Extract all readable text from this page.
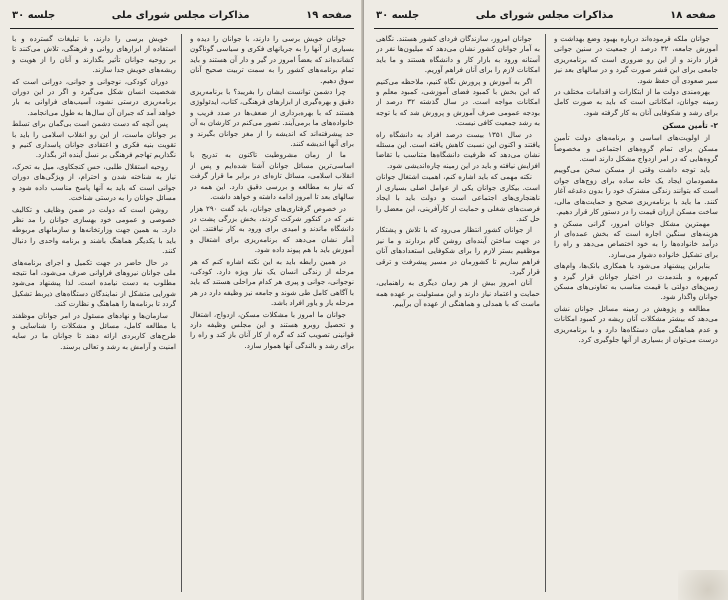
صفحه ۱۹
مذاکرات مجلس شورای ملی
جلسه ۳۰

جوانان خویش برسی را دارند، با جوانان را دیده و بسیاری از آنها را به جریانهای فکری و سیاسی گوناگون کشانده‌اند که بعضاً امروز در گیر و دار آن هستند و باید تمام برنامه‌های کشور را به سمت تربیت صحیح آنان سوق دهیم.

چرا دشمن توانست ایشان را بفریبد؟ با برنامه‌ریزی دقیق و بهره‌گیری از ابزارهای فرهنگی، کتاب، ایدئولوژی هستند که با بهره‌برداری از ضعف‌ها در صدد فریب و خانواده‌های ما برمی‌آیند. تصور می‌کنم در کارشان به آن حد پیشرفته‌اند که اندیشه را از مغز جوانان بگیرند و برای آنها اندیشه کنند.

ما از زمان مشروطیت تاکنون به تدریج با اساسی‌ترین مسائل جوانان آشنا شده‌ایم و پس از انقلاب اسلامی، مسائل تازه‌ای در برابر ما قرار گرفت که نیاز به مطالعه و بررسی دقیق دارد. این همه در سالهای بعد تا امروز ادامه داشته و خواهد داشت.

در خصوص گرفتاری‌های جوانان، باید گفت ۲۹۰ هزار نفر که در کنکور شرکت کردند، بخش بزرگی پشت در دانشگاه ماندند و امیدی برای ورود به کار نیافتند. این آمار نشان می‌دهد که برنامه‌ریزی برای اشتغال و آموزش باید با هم پیوند داده شود.

در همین رابطه باید به این نکته اشاره کنم که هر مرحله از زندگی انسان یک نیاز ویژه دارد. کودکی، نوجوانی، جوانی و پیری هر کدام مراحلی هستند که باید با آگاهی کامل طی شوند و جامعه نیز وظیفه دارد در هر مرحله یار و یاور افراد باشد.

جوانان ما امروز با مشکلات مسکن، ازدواج، اشتغال و تحصیل روبرو هستند و این مجلس وظیفه دارد قوانینی تصویب کند که گره از کار آنان باز کند و راه را برای رشد و بالندگی آنها هموار سازد.

خویش برسی را دارند، با تبلیغات گسترده و با استفاده از ابزارهای روانی و فرهنگی، تلاش می‌کنند تا بر روحیه جوانان تأثیر بگذارند و آنان را از هویت و ریشه‌های خویش جدا سازند.

دوران کودکی، نوجوانی و جوانی، دورانی است که شخصیت انسان شکل می‌گیرد و اگر در این دوران برنامه‌ریزی درستی نشود، آسیب‌های فراوانی به بار خواهد آمد که جبران آن سال‌ها به طول می‌انجامد.

پس آنچه که دست دشمن است بی‌گمان برای تسلط بر جوانان ماست، از این رو انقلاب اسلامی را باید با تقویت بنیه فکری و اعتقادی جوانان پاسداری کنیم و نگذاریم تهاجم فرهنگی بر نسل آینده اثر بگذارد.

روحیه استقلال طلبی، حس کنجکاوی، میل به تحرک، نیاز به شناخته شدن و احترام، از ویژگی‌های دوران جوانی است که باید به آنها پاسخ مناسب داده شود و مسائل جوانان را به درستی شناخت.

روشن است که دولت در ضمن وظایف و تکالیف خصوصی و عمومی خود بهسازی جوانان را مد نظر دارد. به همین جهت وزارتخانه‌ها و سازمانهای مربوطه باید با یکدیگر هماهنگ باشند و برنامه واحدی را دنبال کنند.

در حال حاضر در جهت تکمیل و اجرای برنامه‌های ملی جوانان نیروهای فراوانی صرف می‌شود، اما نتیجه مطلوب به دست نیامده است. لذا پیشنهاد می‌شود شورایی متشکل از نمایندگان دستگاه‌های ذیربط تشکیل گردد تا برنامه‌ها را هماهنگ و نظارت کند.

سازمان‌ها و نهادهای مسئول در امر جوانان موظفند با مطالعه کامل، مسائل و مشکلات را شناسایی و طرح‌های کاربردی ارائه دهند تا جوانان ما در سایه امنیت و آرامش به رشد و تعالی برسند.

صفحه ۱۸
مذاکرات مجلس شورای ملی
جلسه ۳۰

جوانان ملکه قرموده‌اند درباره بهبود وضع بهداشت و آموزش جامعه، ۳۲ درصد از جمعیت در سنین جوانی قرار دارند و از این رو ضروری است که برنامه‌ریزی جامعی برای این قشر صورت گیرد و در سالهای بعد نیز سیر صعودی آن حفظ شود.

بهره‌مندی دولت ما از ابتکارات و اقدامات مختلف در زمینه جوانان، امکاناتی است که باید به صورت کامل برای رشد و شکوفایی آنان به کار گرفته شود.

۲- تأمین مسکن

از اولویت‌های اساسی و برنامه‌های دولت تأمین مسکن برای تمام گروه‌های اجتماعی و مخصوصاً گروه‌هایی که در امر ازدواج مشکل دارند است.

باید توجه داشت وقتی از مسکن سخن می‌گوییم مقصودمان ایجاد یک خانه ساده برای زوج‌های جوان است که بتوانند زندگی مشترک خود را بدون دغدغه آغاز کنند. ما باید با برنامه‌ریزی صحیح و حمایت‌های مالی، ساخت مسکن ارزان قیمت را در دستور کار قرار دهیم.

مهمترین مشکل جوانان امروز، گرانی مسکن و هزینه‌های سنگین اجاره است که بخش عمده‌ای از درآمد خانواده‌ها را به خود اختصاص می‌دهد و راه را برای تشکیل خانواده دشوار می‌سازد.

بنابراین پیشنهاد می‌شود با همکاری بانک‌ها، وام‌های کم‌بهره و بلندمدت در اختیار جوانان قرار گیرد و زمین‌های دولتی با قیمت مناسب به تعاونی‌های مسکن جوانان واگذار شود.

مطالعه و پژوهش در زمینه مسائل جوانان نشان می‌دهد که بیشتر مشکلات آنان ریشه در کمبود امکانات و عدم هماهنگی میان دستگاه‌ها دارد و با برنامه‌ریزی درست می‌توان از بسیاری از آنها جلوگیری کرد.

جوانان امروز، سازندگان فردای کشور هستند. نگاهی به آمار جوانان کشور نشان می‌دهد که میلیون‌ها نفر در آستانه ورود به بازار کار و دانشگاه هستند و ما باید امکانات لازم را برای آنان فراهم آوریم.

اگر به آموزش و پرورش نگاه کنیم، ملاحظه می‌کنیم که این بخش با کمبود فضای آموزشی، کمبود معلم و امکانات مواجه است. در سال گذشته ۳۲ درصد از بودجه عمومی صرف آموزش و پرورش شد که با توجه به رشد جمعیت کافی نیست.

در سال ۱۳۵۱ بیست درصد افراد به دانشگاه راه یافتند و اکنون این نسبت کاهش یافته است. این مسئله نشان می‌دهد که ظرفیت دانشگاه‌ها متناسب با تقاضا افزایش نیافته و باید در این زمینه چاره‌اندیشی شود.

نکته مهمی که باید اشاره کنم، اهمیت اشتغال جوانان است. بیکاری جوانان یکی از عوامل اصلی بسیاری از ناهنجاری‌های اجتماعی است و دولت باید با ایجاد فرصت‌های شغلی و حمایت از کارآفرینی، این معضل را حل کند.

از جوانان کشور انتظار می‌رود که با تلاش و پشتکار در جهت ساختن آینده‌ای روشن گام بردارند و ما نیز موظفیم بستر لازم را برای شکوفایی استعدادهای آنان فراهم سازیم تا کشورمان در مسیر پیشرفت و ترقی قرار گیرد.

آنان امروز بیش از هر زمان دیگری به راهنمایی، حمایت و اعتماد نیاز دارند و این مسئولیت بر عهده همه ماست که با همدلی و هماهنگی از عهده آن برآییم.
